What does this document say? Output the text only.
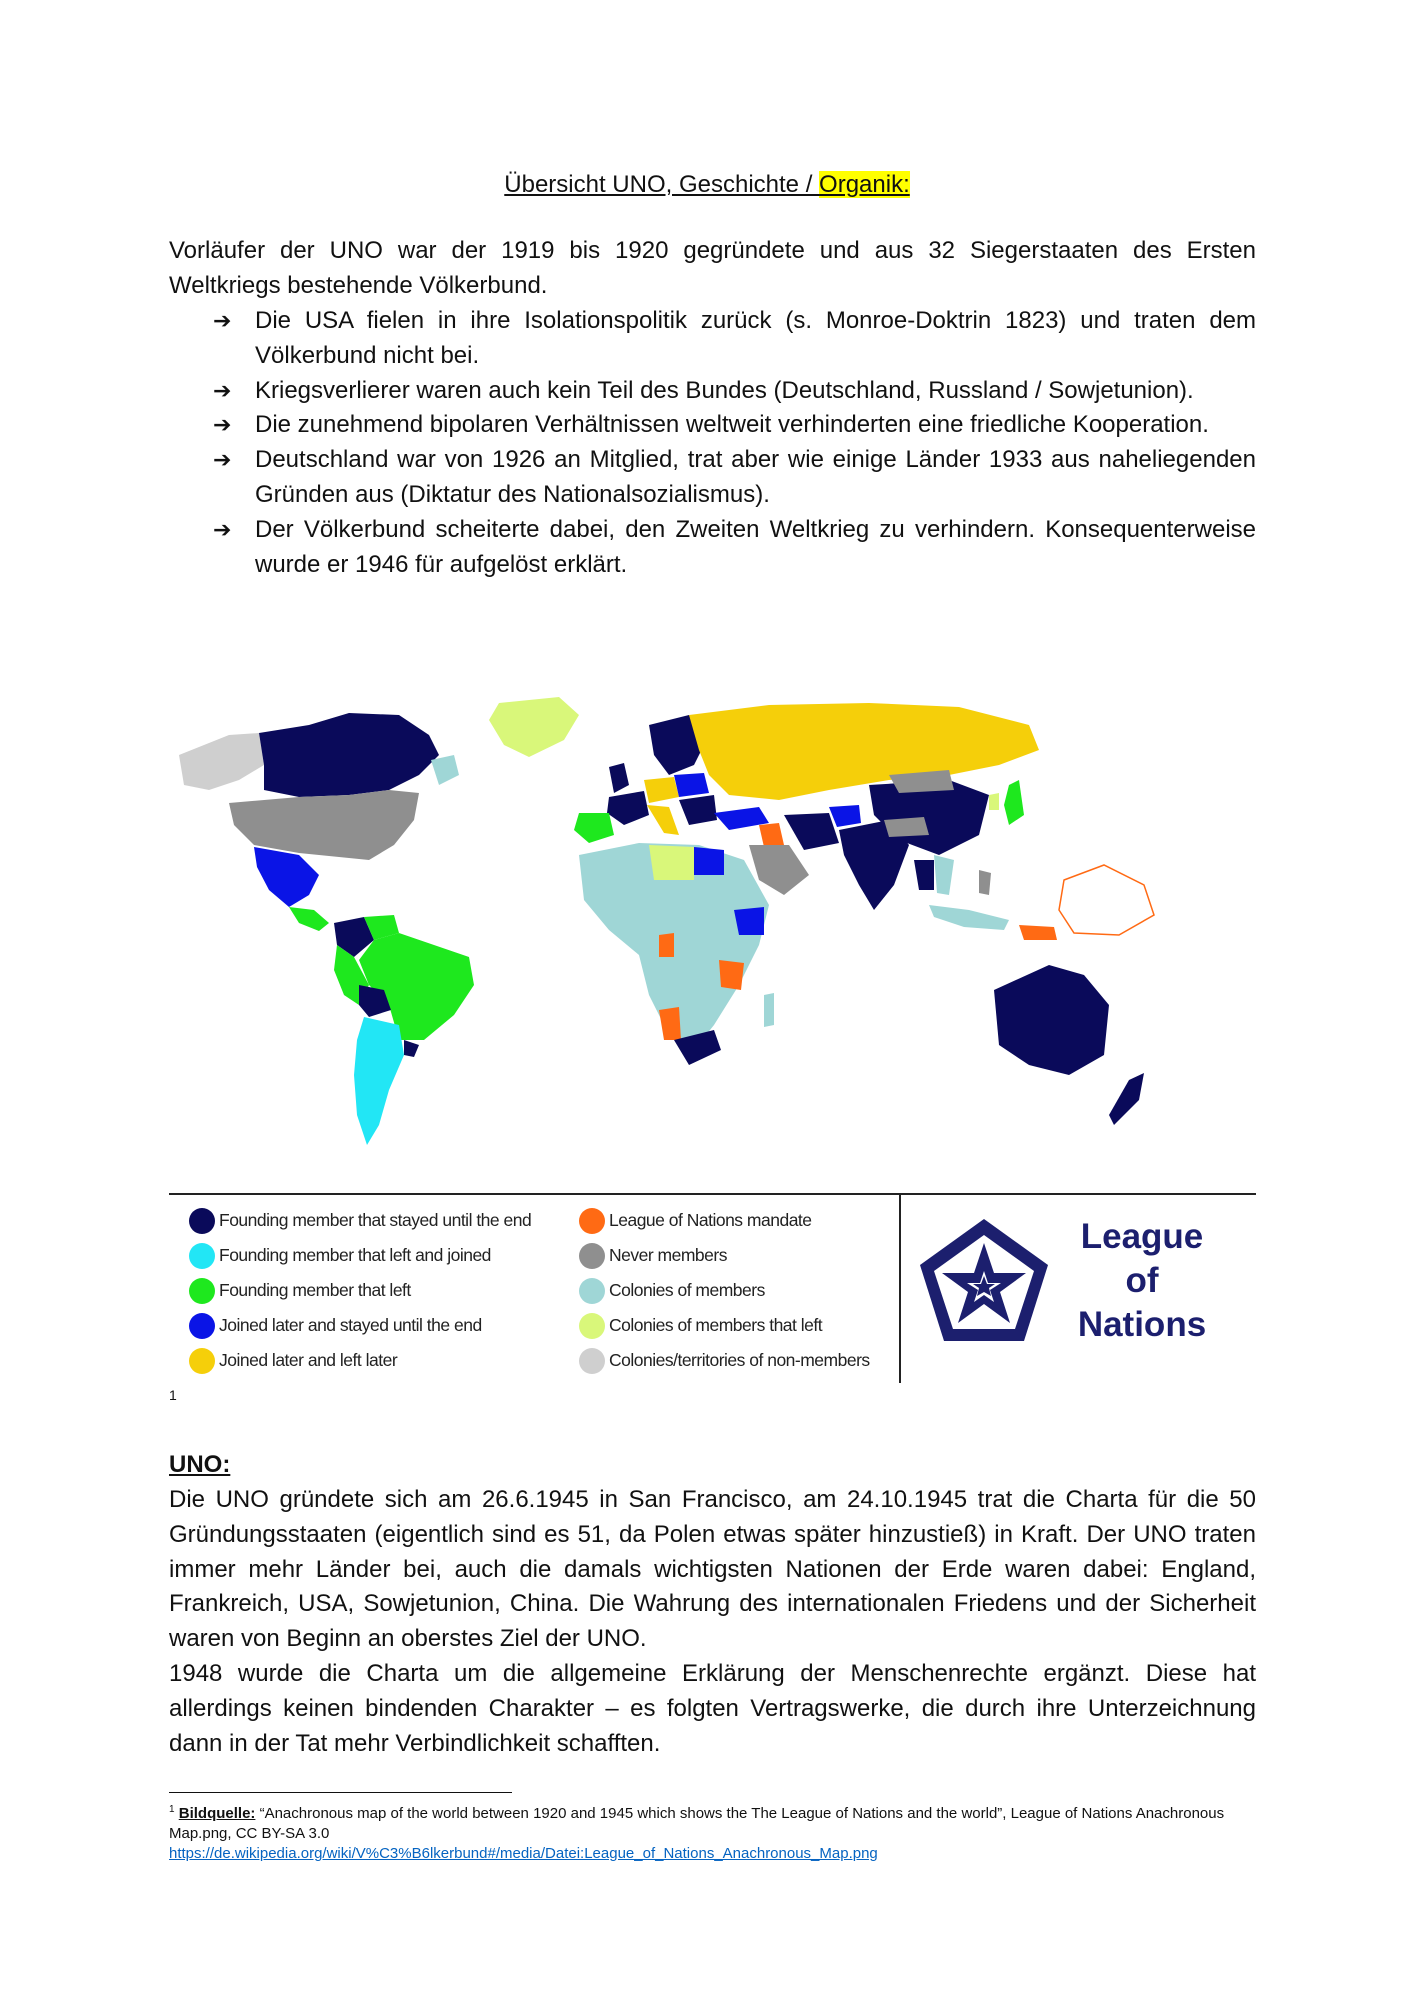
Übersicht UNO, Geschichte / Organik:

Vorläufer der UNO war der 1919 bis 1920 gegründete und aus 32 Siegerstaaten des Ersten Weltkriegs bestehende Völkerbund.

➔ Die USA fielen in ihre Isolationspolitik zurück (s. Monroe-Doktrin 1823) und traten dem Völkerbund nicht bei.
➔ Kriegsverlierer waren auch kein Teil des Bundes (Deutschland, Russland / Sowjetunion).
➔ Die zunehmend bipolaren Verhältnissen weltweit verhinderten eine friedliche Kooperation.
➔ Deutschland war von 1926 an Mitglied, trat aber wie einige Länder 1933 aus naheliegenden Gründen aus (Diktatur des Nationalsozialismus).
➔ Der Völkerbund scheiterte dabei, den Zweiten Weltkrieg zu verhindern. Konsequenterweise wurde er 1946 für aufgelöst erklärt.
Founding member that stayed until the end
Founding member that left and joined
Founding member that left
Joined later and stayed until the end
Joined later and left later
League of Nations mandate
Never members
Colonies of members
Colonies of members that left
Colonies/territories of non-members
League
of
Nations
1
UNO:

Die UNO gründete sich am 26.6.1945 in San Francisco, am 24.10.1945 trat die Charta für die 50 Gründungsstaaten (eigentlich sind es 51, da Polen etwas später hinzustieß) in Kraft. Der UNO traten immer mehr Länder bei, auch die damals wichtigsten Nationen der Erde waren dabei: England, Frankreich, USA, Sowjetunion, China. Die Wahrung des internationalen Friedens und der Sicherheit waren von Beginn an oberstes Ziel der UNO.

1948 wurde die Charta um die allgemeine Erklärung der Menschenrechte ergänzt. Diese hat allerdings keinen bindenden Charakter – es folgten Vertragswerke, die durch ihre Unterzeichnung dann in der Tat mehr Verbindlichkeit schafften.

$^1$ Bildquelle: “Anachronous map of the world between 1920 and 1945 which shows the The League of Nations and the world”, League of Nations Anachronous Map.png, CC BY-SA 3.0
https://de.wikipedia.org/wiki/V%C3%B6lkerbund#/media/Datei:League_of_Nations_Anachronous_Map.png
